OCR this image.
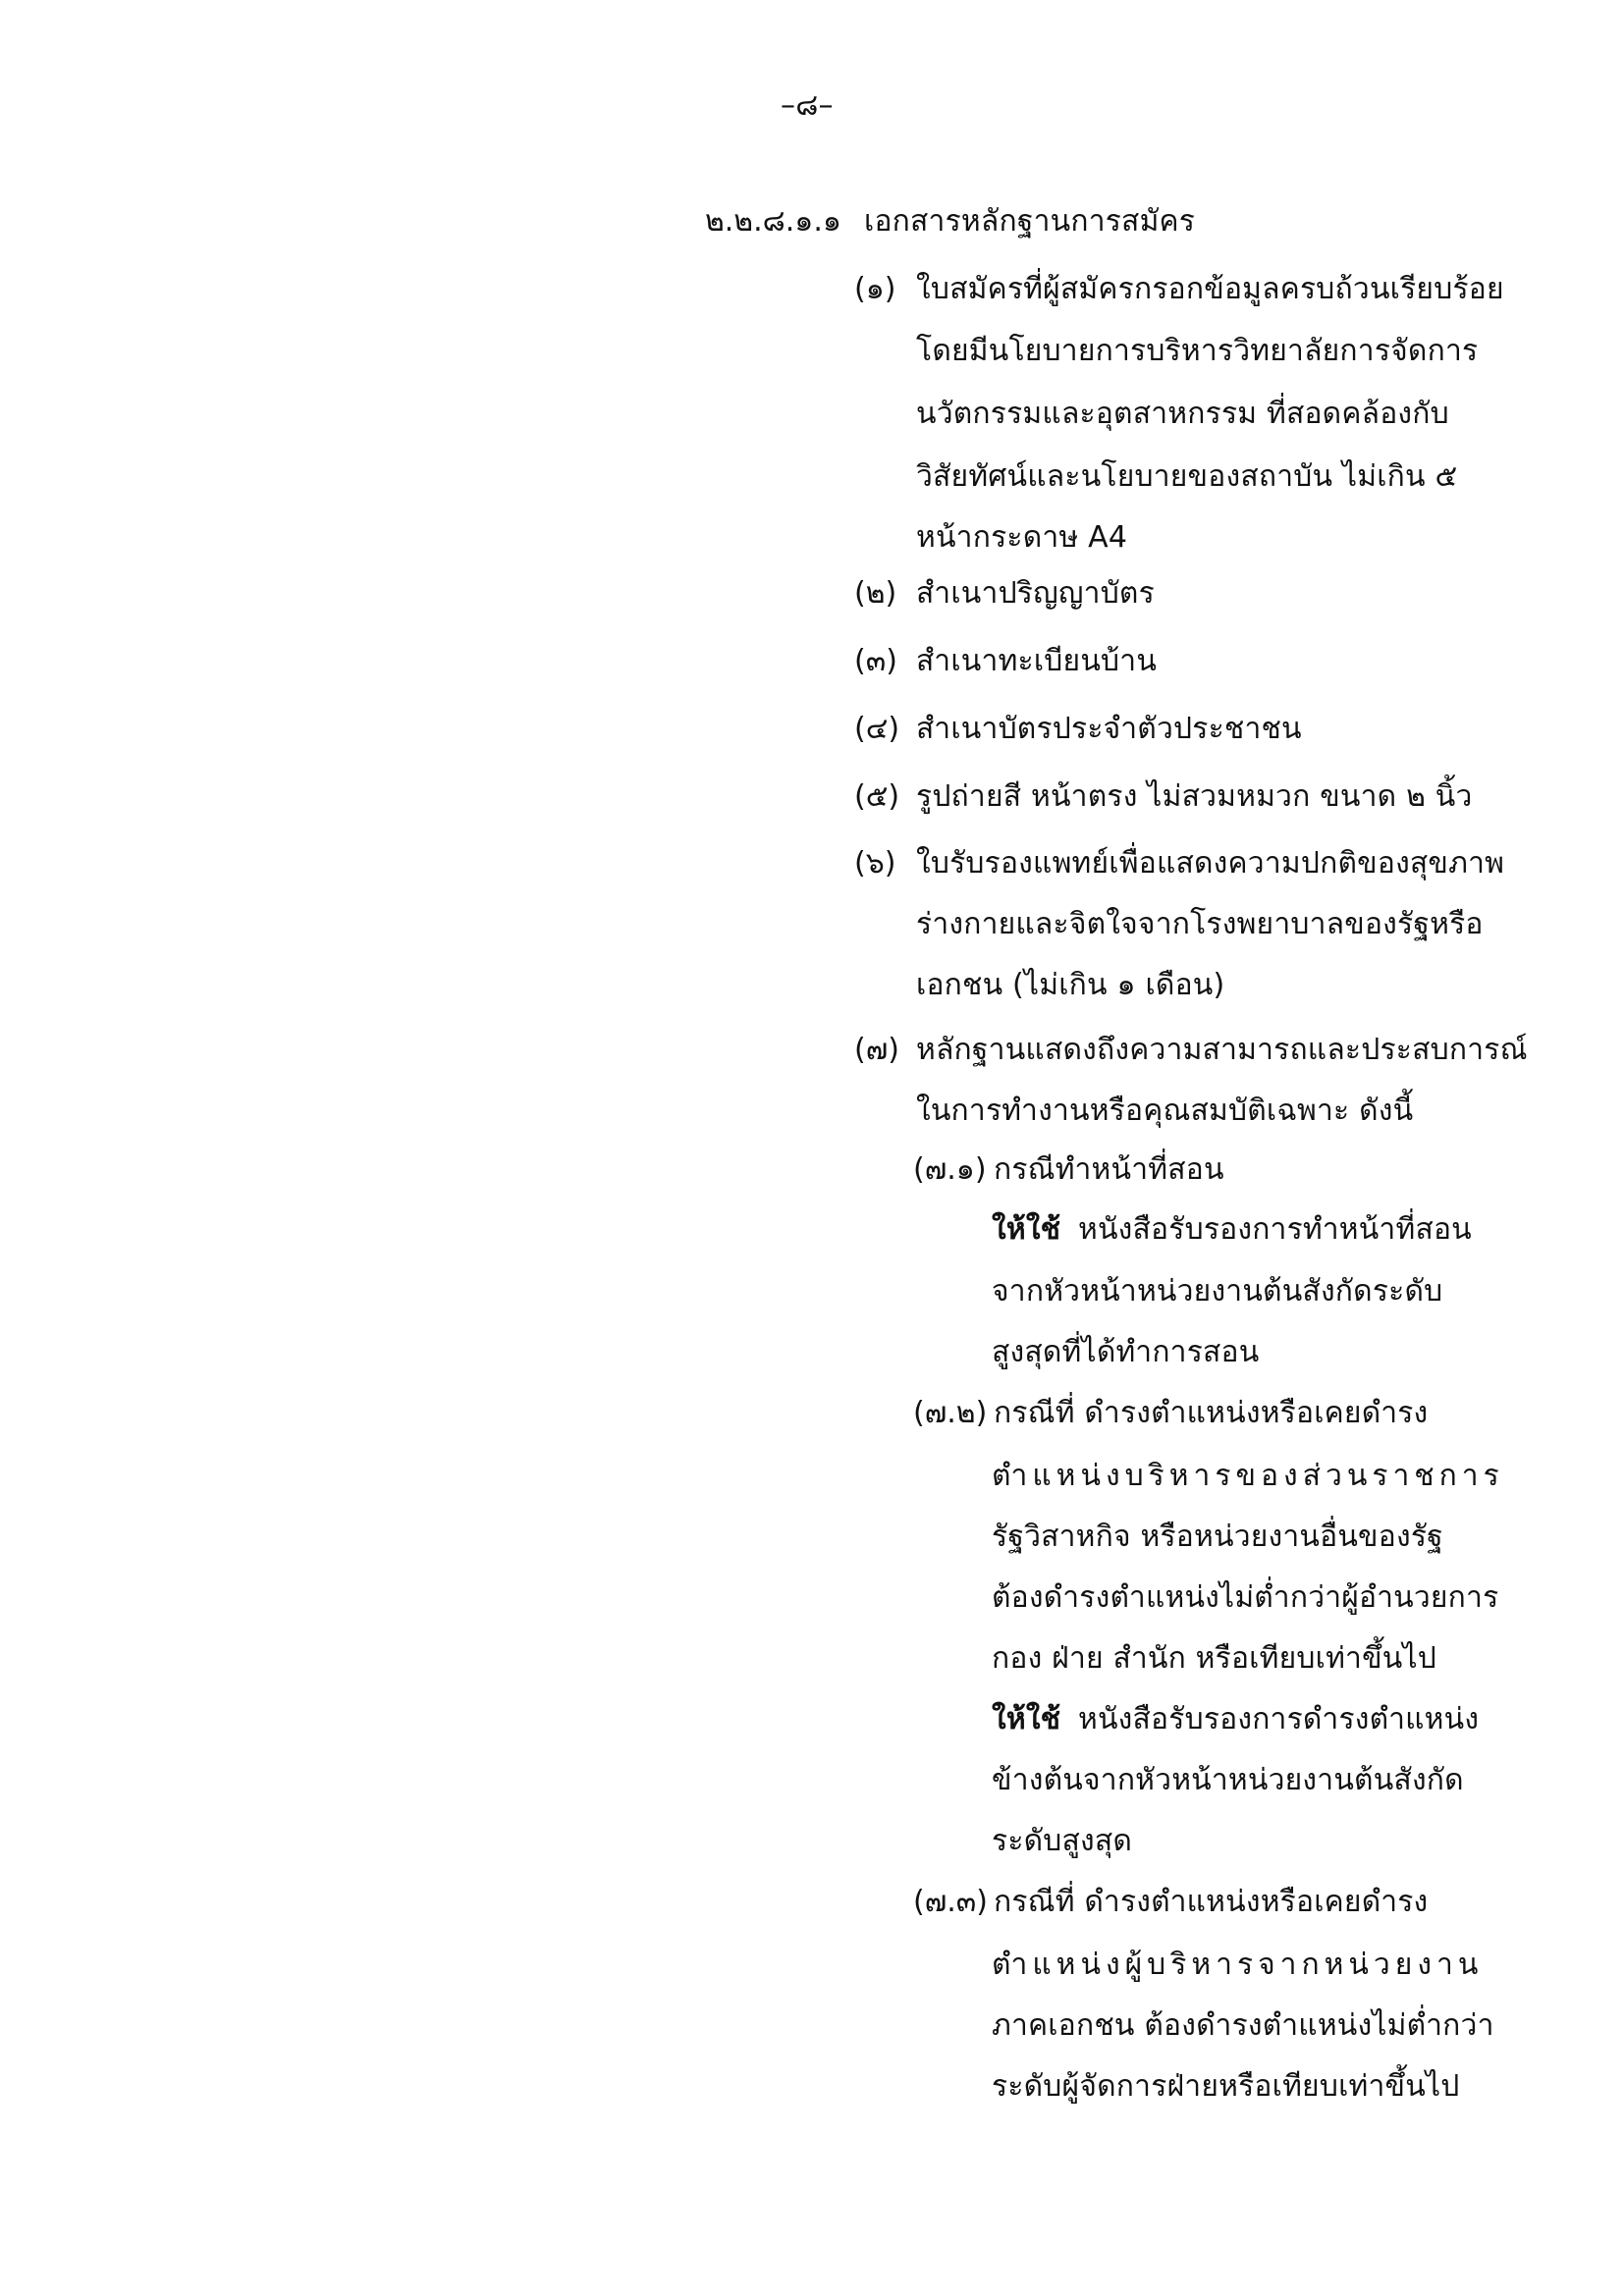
–๘–
๒.๒.๘.๑.๑ เอกสารหลักฐานการสมัคร
(๑) ใบสมัครที่ผู้สมัครกรอกข้อมูลครบถ้วนเรียบร้อย
โดยมีนโยบายการบริหารวิทยาลัยการจัดการ
นวัตกรรมและอุตสาหกรรม ที่สอดคล้องกับ
วิสัยทัศน์และนโยบายของสถาบัน ไม่เกิน ๕
หน้ากระดาษ A4
(๒) สำเนาปริญญาบัตร
(๓) สำเนาทะเบียนบ้าน
(๔) สำเนาบัตรประจำตัวประชาชน
(๕) รูปถ่ายสี หน้าตรง ไม่สวมหมวก ขนาด ๒ นิ้ว
(๖) ใบรับรองแพทย์เพื่อแสดงความปกติของสุขภาพ
ร่างกายและจิตใจจากโรงพยาบาลของรัฐหรือ
เอกชน (ไม่เกิน ๑ เดือน)
(๗) หลักฐานแสดงถึงความสามารถและประสบการณ์
ในการทำงานหรือคุณสมบัติเฉพาะ ดังนี้
(๗.๑) กรณีทำหน้าที่สอน
ให้ใช้ หนังสือรับรองการทำหน้าที่สอน
จากหัวหน้าหน่วยงานต้นสังกัดระดับ
สูงสุดที่ได้ทำการสอน
(๗.๒) กรณีที่ ดำรงตำแหน่งหรือเคยดำรง
ตำแหน่งบริหารของส่วนราชการ
รัฐวิสาหกิจ หรือหน่วยงานอื่นของรัฐ
ต้องดำรงตำแหน่งไม่ต่ำกว่าผู้อำนวยการ
กอง ฝ่าย สำนัก หรือเทียบเท่าขึ้นไป
ให้ใช้ หนังสือรับรองการดำรงตำแหน่ง
ข้างต้นจากหัวหน้าหน่วยงานต้นสังกัด
ระดับสูงสุด
(๗.๓) กรณีที่ ดำรงตำแหน่งหรือเคยดำรง
ตำแหน่งผู้บริหารจากหน่วยงาน
ภาคเอกชน ต้องดำรงตำแหน่งไม่ต่ำกว่า
ระดับผู้จัดการฝ่ายหรือเทียบเท่าขึ้นไป
